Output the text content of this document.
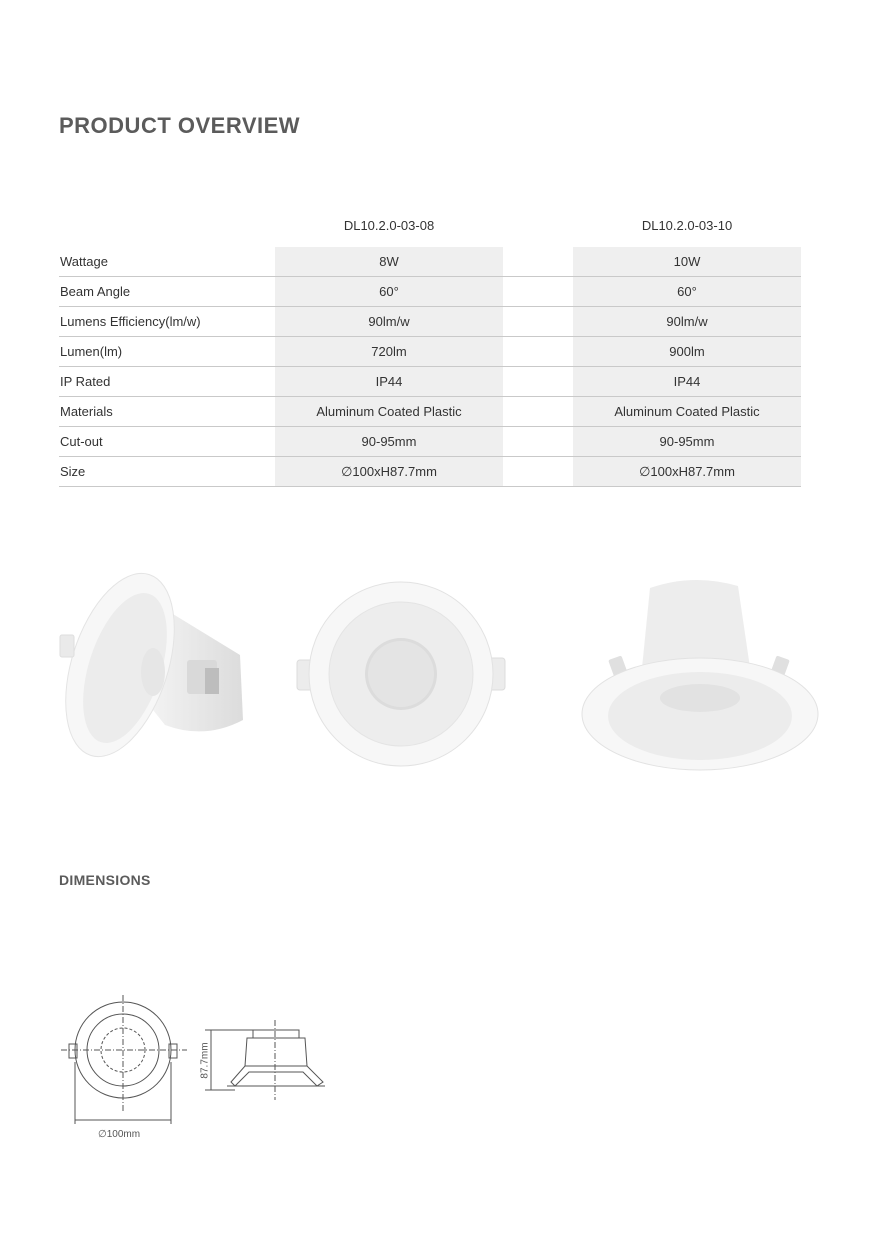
PRODUCT OVERVIEW
	DL10.2.0-03-08		DL10.2.0-03-10
Wattage	8W		10W
Beam Angle	60°		60°
Lumens Efficiency(lm/w)	90lm/w		90lm/w
Lumen(lm)	720lm		900lm
IP Rated	IP44		IP44
Materials	Aluminum Coated Plastic		Aluminum Coated Plastic
Cut-out	90-95mm		90-95mm
Size	∅100xH87.7mm		∅100xH87.7mm
DIMENSIONS
∅100mm
87.7mm
